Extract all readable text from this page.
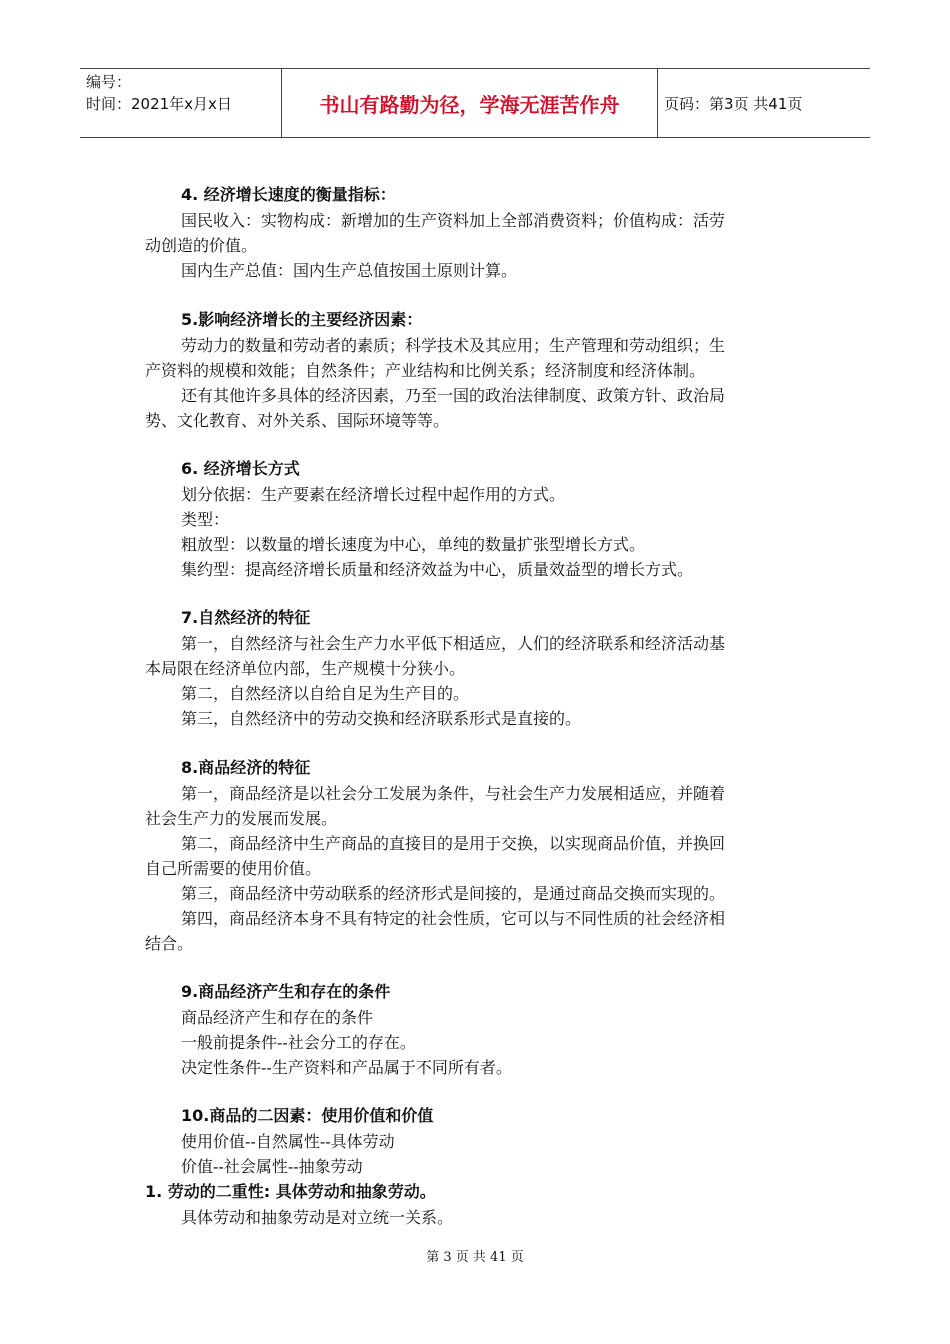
编号：
时间：2021年x月x日	书山有路勤为径，学海无涯苦作舟	页码：第3页 共41页
4. 经济增长速度的衡量指标：
国民收入：实物构成：新增加的生产资料加上全部消费资料；价值构成：活劳
动创造的价值。
国内生产总值：国内生产总值按国土原则计算。
5.影响经济增长的主要经济因素：
劳动力的数量和劳动者的素质；科学技术及其应用；生产管理和劳动组织；生
产资料的规模和效能；自然条件；产业结构和比例关系；经济制度和经济体制。
还有其他许多具体的经济因素，乃至一国的政治法律制度、政策方针、政治局
势、文化教育、对外关系、国际环境等等。
6. 经济增长方式
划分依据：生产要素在经济增长过程中起作用的方式。
类型：
粗放型：以数量的增长速度为中心，单纯的数量扩张型增长方式。
集约型：提高经济增长质量和经济效益为中心，质量效益型的增长方式。
7.自然经济的特征
第一，自然经济与社会生产力水平低下相适应，人们的经济联系和经济活动基
本局限在经济单位内部，生产规模十分狭小。
第二，自然经济以自给自足为生产目的。
第三，自然经济中的劳动交换和经济联系形式是直接的。
8.商品经济的特征
第一，商品经济是以社会分工发展为条件，与社会生产力发展相适应，并随着
社会生产力的发展而发展。
第二，商品经济中生产商品的直接目的是用于交换，以实现商品价值，并换回
自己所需要的使用价值。
第三，商品经济中劳动联系的经济形式是间接的，是通过商品交换而实现的。
第四，商品经济本身不具有特定的社会性质，它可以与不同性质的社会经济相
结合。
9.商品经济产生和存在的条件
商品经济产生和存在的条件
一般前提条件--社会分工的存在。
决定性条件--生产资料和产品属于不同所有者。
10.商品的二因素：使用价值和价值
使用价值--自然属性--具体劳动
价值--社会属性--抽象劳动
1. 劳动的二重性: 具体劳动和抽象劳动。
具体劳动和抽象劳动是对立统一关系。
第 3 页 共 41 页
